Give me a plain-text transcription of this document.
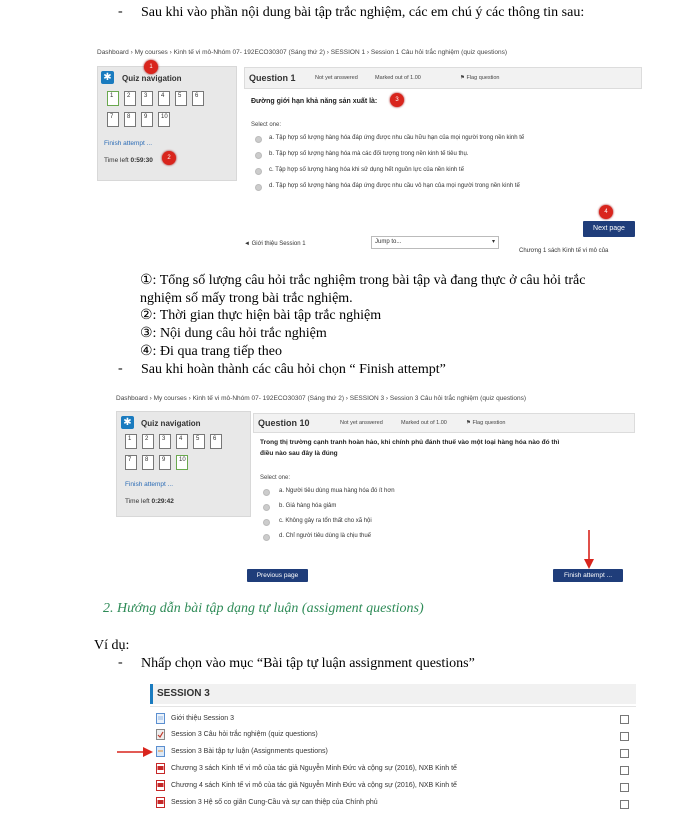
- Sau khi vào phần nội dung bài tập trắc nghiệm, các em chú ý các thông tin sau:
Dashboard › My courses › Kinh tế vi mô-Nhóm 07- 192ECO30307 (Sáng thứ 2) › SESSION 1 › Session 1 Câu hỏi trắc nghiệm (quiz questions)
✱ Quiz navigation
1	2	3	4	5	6
7	8	9	10
Finish attempt ...
Time left 0:59:30
1
2
Question 1	Not yet answered	Marked out of 1.00	⚑ Flag question
Đường giới hạn khả năng sản xuất là:	3
Select one:
a. Tập hợp số lượng hàng hóa đáp ứng được nhu cầu hữu hạn của mọi người trong nền kinh tế
b. Tập hợp số lượng hàng hóa mà các đối tượng trong nền kinh tế tiêu thụ.
c. Tập hợp số lượng hàng hóa khi sử dụng hết nguồn lực của nền kinh tế
d. Tập hợp số lượng hàng hóa đáp ứng được nhu cầu vô hạn của mọi người trong nền kinh tế
Next page
4
◄ Giới thiệu Session 1	Jump to...	▾
Chương 1 sách Kinh tế vi mô của
①: Tổng số lượng câu hỏi trắc nghiệm trong bài tập và đang thực ở câu hỏi trắc
nghiệm số mấy trong bài trắc nghiệm.
②: Thời gian thực hiện bài tập trắc nghiệm
③: Nội dung câu hỏi trắc nghiệm
④: Đi qua trang tiếp theo
- Sau khi hoàn thành các câu hỏi chọn “ Finish attempt”
Dashboard › My courses › Kinh tế vi mô-Nhóm 07- 192ECO30307 (Sáng thứ 2) › SESSION 3 › Session 3 Câu hỏi trắc nghiệm (quiz questions)
✱ Quiz navigation
1	2	3	4	5	6
7	8	9	10
Finish attempt ...
Time left 0:29:42
Question 10	Not yet answered	Marked out of 1.00	⚑ Flag question
Trong thị trường cạnh tranh hoàn hảo, khi chính phủ đánh thuế vào một loại hàng hóa nào đó thì
điều nào sau đây là đúng
Select one:
a. Người tiêu dùng mua hàng hóa đó ít hơn
b. Giá hàng hóa giảm
c. Không gây ra tổn thất cho xã hội
d. Chỉ người tiêu dùng là chịu thuế
Previous page	Finish attempt ...
2. Hướng dẫn bài tập dạng tự luận (assigment questions)
Ví dụ:
- Nhấp chọn vào mục “Bài tập tự luận assignment questions”
SESSION 3
Giới thiệu Session 3
Session 3 Câu hỏi trắc nghiệm (quiz questions)
Session 3 Bài tập tự luận (Assignments questions)
Chương 3 sách Kinh tế vi mô của tác giả Nguyễn Minh Đức và cộng sự (2016), NXB Kinh tế
Chương 4 sách Kinh tế vi mô của tác giả Nguyễn Minh Đức và cộng sự (2016), NXB Kinh tế
Session 3 Hệ số co giãn Cung-Cầu và sự can thiệp của Chính phủ
